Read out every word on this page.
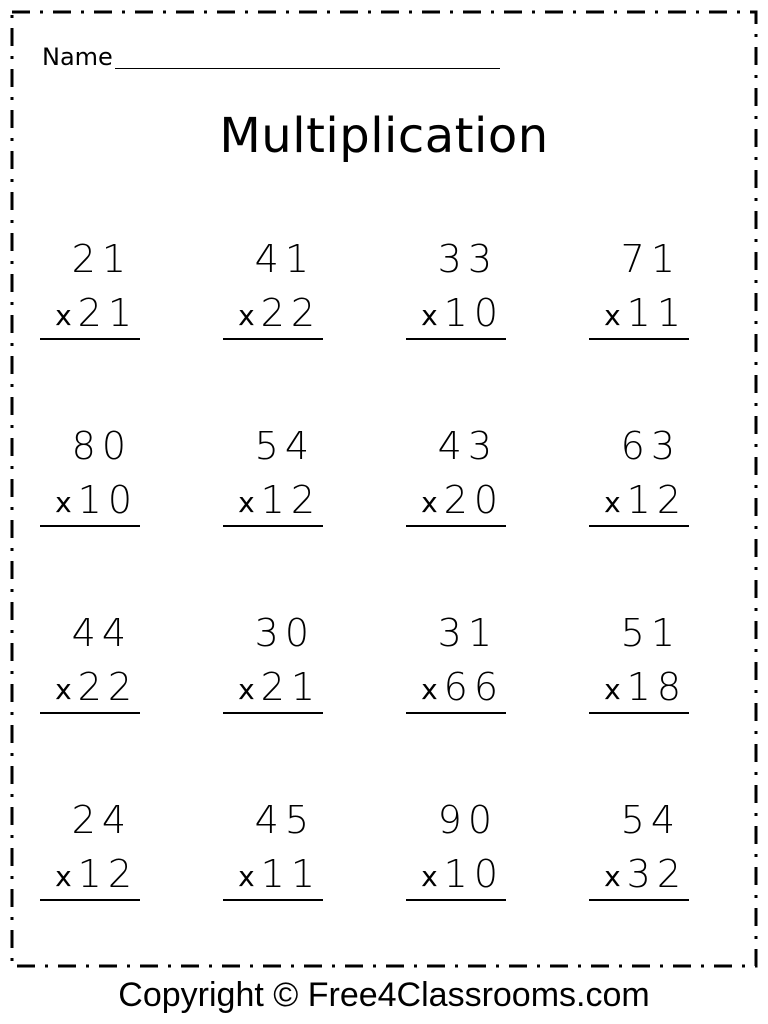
Name
Multiplication
21
x 21
41
x 22
33
x 10
71
x 11
80
x 10
54
x 12
43
x 20
63
x 12
44
x 22
30
x 21
31
x 66
51
x 18
24
x 12
45
x 11
90
x 10
54
x 32
Copyright © Free4Classrooms.com
